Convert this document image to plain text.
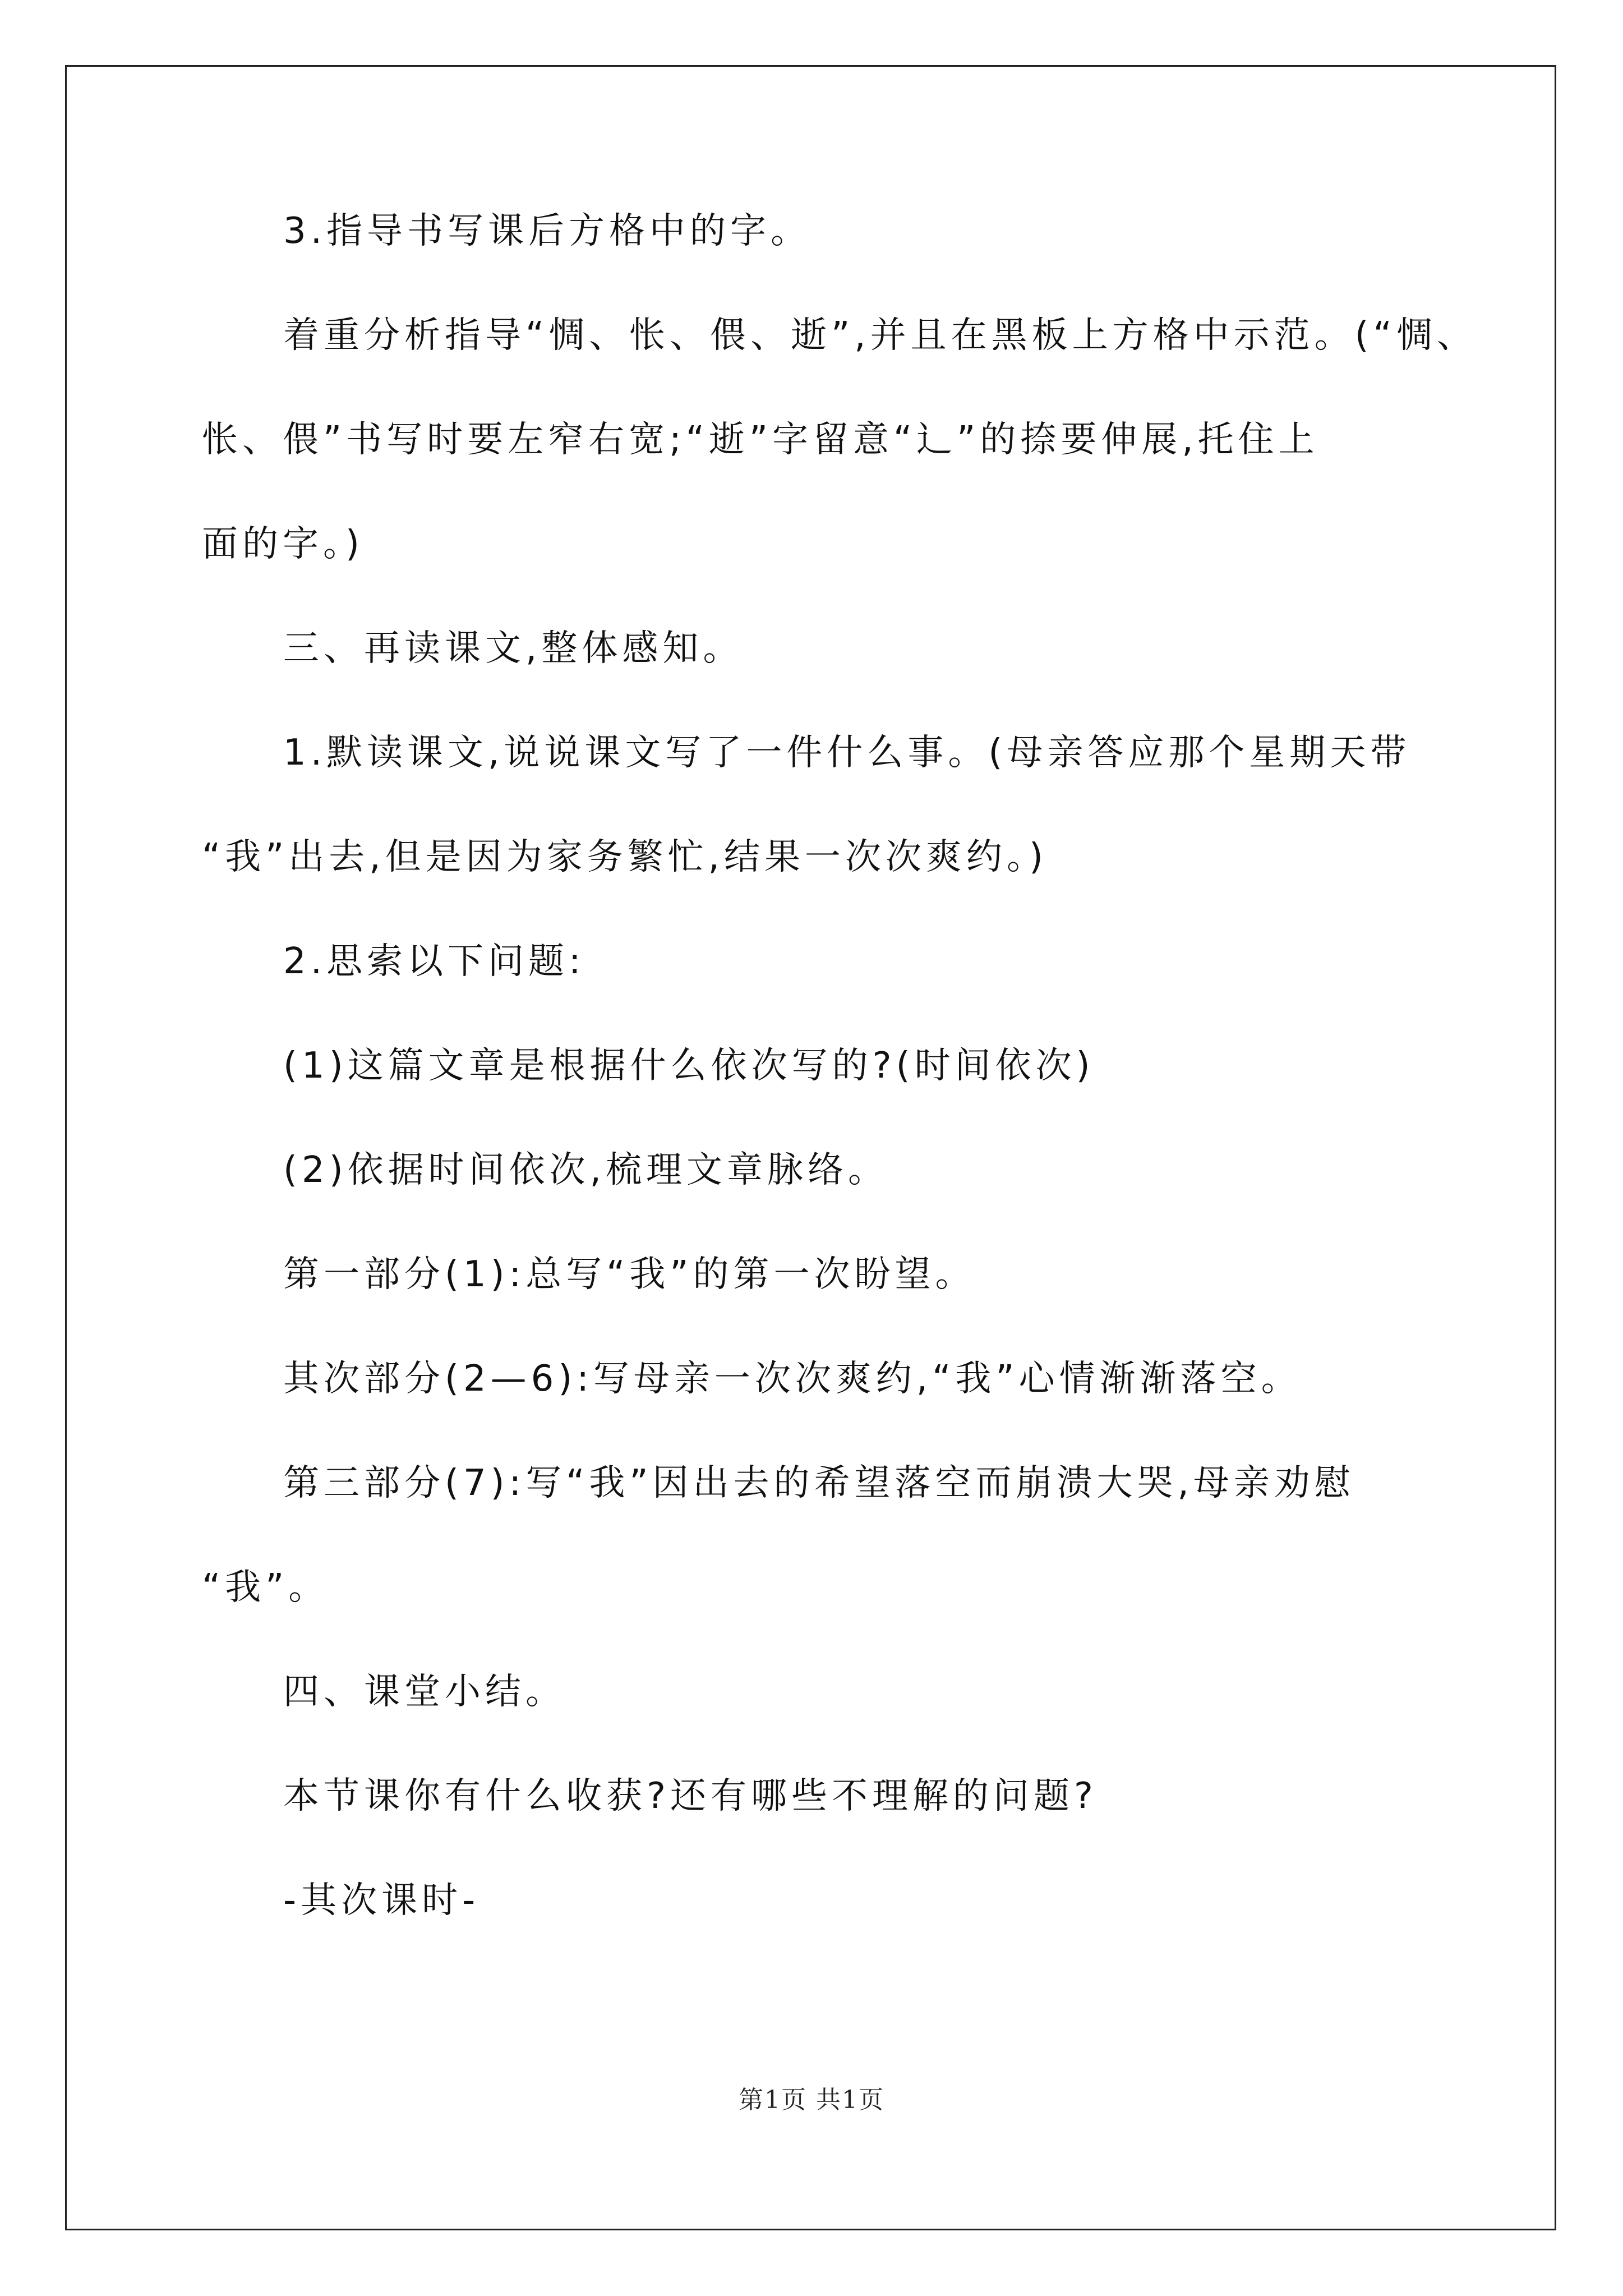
3.指导书写课后方格中的字。
着重分析指导“惆、怅、偎、逝”,并且在黑板上方格中示范。(“惆、
怅、偎”书写时要左窄右宽;“逝”字留意“辶”的捺要伸展,托住上
面的字。)
三、再读课文,整体感知。
1.默读课文,说说课文写了一件什么事。(母亲答应那个星期天带
“我”出去,但是因为家务繁忙,结果一次次爽约。)
2.思索以下问题:
(1)这篇文章是根据什么依次写的?(时间依次)
(2)依据时间依次,梳理文章脉络。
第一部分(1):总写“我”的第一次盼望。
其次部分(2—6):写母亲一次次爽约,“我”心情渐渐落空。
第三部分(7):写“我”因出去的希望落空而崩溃大哭,母亲劝慰
“我”。
四、课堂小结。
本节课你有什么收获?还有哪些不理解的问题?
-其次课时-
第1页 共1页
